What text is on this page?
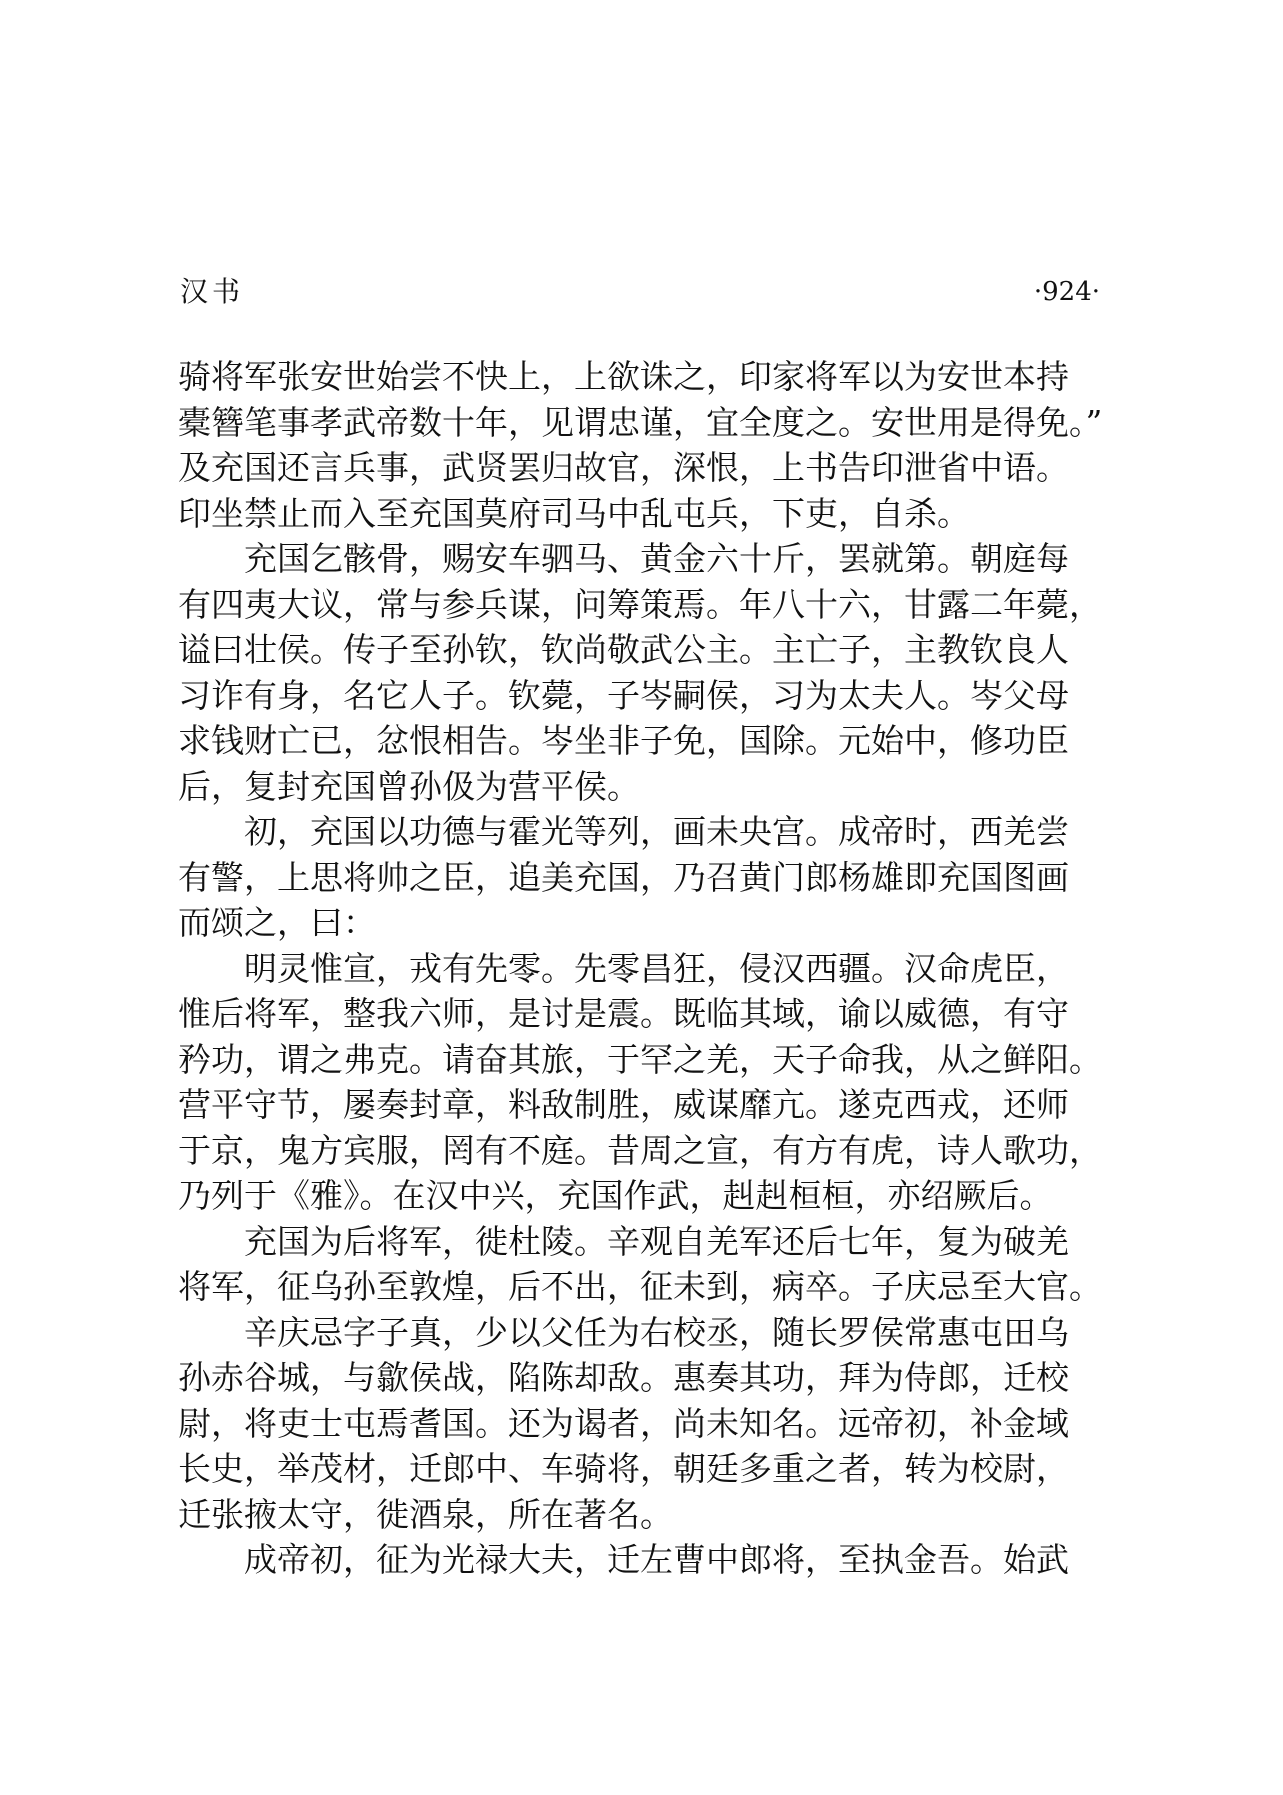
汉书	·924·
骑将军张安世始尝不快上，上欲诛之，印家将军以为安世本持
橐簪笔事孝武帝数十年，见谓忠谨，宜全度之。安世用是得免。”
及充国还言兵事，武贤罢归故官，深恨，上书告印泄省中语。
印坐禁止而入至充国莫府司马中乱屯兵，下吏，自杀。
充国乞骸骨，赐安车驷马、黄金六十斤，罢就第。朝庭每
有四夷大议，常与参兵谋，问筹策焉。年八十六，甘露二年薨，
谥曰壮侯。传子至孙钦，钦尚敬武公主。主亡子，主教钦良人
习诈有身，名它人子。钦薨，子岑嗣侯，习为太夫人。岑父母
求钱财亡已，忿恨相告。岑坐非子免，国除。元始中，修功臣
后，复封充国曾孙伋为营平侯。
初，充国以功德与霍光等列，画未央宫。成帝时，西羌尝
有警，上思将帅之臣，追美充国，乃召黄门郎杨雄即充国图画
而颂之，曰：
明灵惟宣，戎有先零。先零昌狂，侵汉西疆。汉命虎臣，
惟后将军，整我六师，是讨是震。既临其域，谕以威德，有守
矜功，谓之弗克。请奋其旅，于罕之羌，天子命我，从之鲜阳。
营平守节，屡奏封章，料敌制胜，威谋靡亢。遂克西戎，还师
于京，鬼方宾服，罔有不庭。昔周之宣，有方有虎，诗人歌功，
乃列于《雅》。在汉中兴，充国作武，赳赳桓桓，亦绍厥后。
充国为后将军，徙杜陵。辛观自羌军还后七年，复为破羌
将军，征乌孙至敦煌，后不出，征未到，病卒。子庆忌至大官。
辛庆忌字子真，少以父任为右校丞，随长罗侯常惠屯田乌
孙赤谷城，与歙侯战，陷陈却敌。惠奏其功，拜为侍郎，迁校
尉，将吏士屯焉耆国。还为谒者，尚未知名。远帝初，补金域
长史，举茂材，迁郎中、车骑将，朝廷多重之者，转为校尉，
迁张掖太守，徙酒泉，所在著名。
成帝初，征为光禄大夫，迁左曹中郎将，至执金吾。始武
